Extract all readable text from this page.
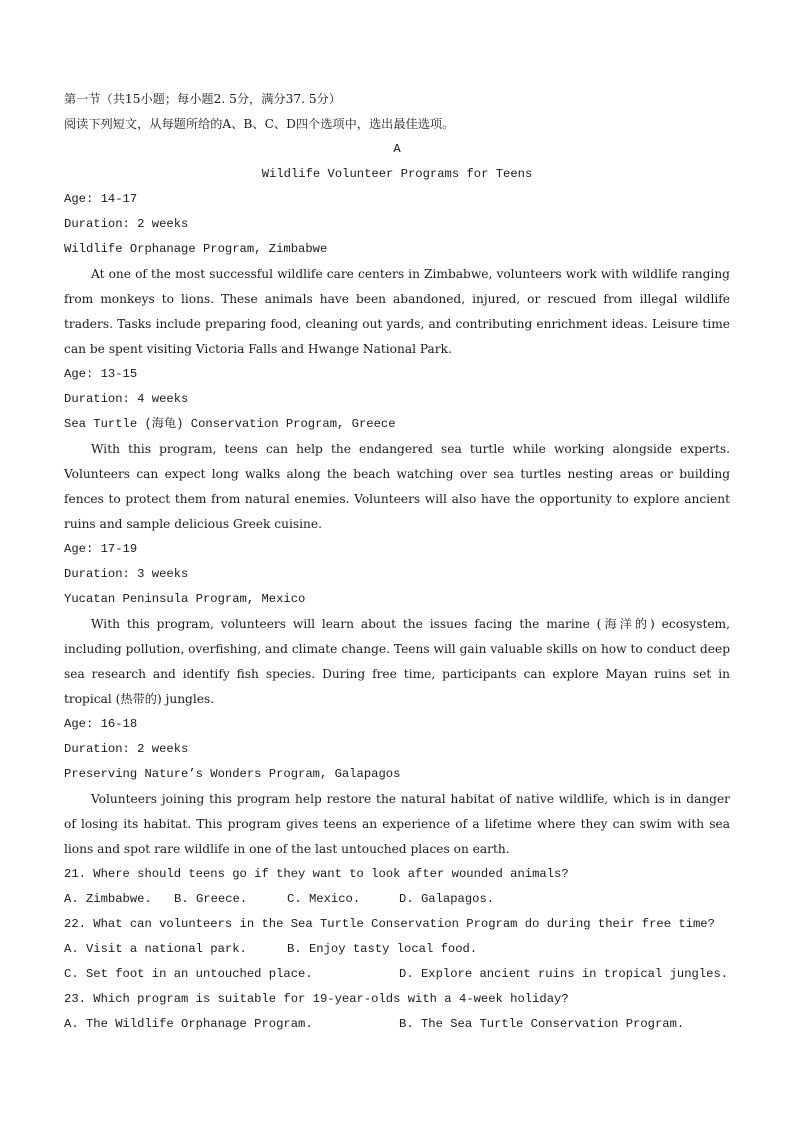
第一节（共15小题；每小题2. 5分，满分37. 5分）
阅读下列短文，从每题所给的A、B、C、D四个选项中，选出最佳选项。
A
Wildlife Volunteer Programs for Teens
Age: 14-17
Duration: 2 weeks
Wildlife Orphanage Program, Zimbabwe
At one of the most successful wildlife care centers in Zimbabwe, volunteers work with wildlife ranging from monkeys to lions. These animals have been abandoned, injured, or rescued from illegal wildlife traders. Tasks include preparing food, cleaning out yards, and contributing enrichment ideas. Leisure time can be spent visiting Victoria Falls and Hwange National Park.
Age: 13-15
Duration: 4 weeks
Sea Turtle (海龟) Conservation Program, Greece
With this program, teens can help the endangered sea turtle while working alongside experts. Volunteers can expect long walks along the beach watching over sea turtles nesting areas or building fences to protect them from natural enemies. Volunteers will also have the opportunity to explore ancient ruins and sample delicious Greek cuisine.
Age: 17-19
Duration: 3 weeks
Yucatan Peninsula Program, Mexico
With this program, volunteers will learn about the issues facing the marine (海洋的) ecosystem, including pollution, overfishing, and climate change. Teens will gain valuable skills on how to conduct deep sea research and identify fish species. During free time, participants can explore Mayan ruins set in tropical (热带的) jungles.
Age: 16-18
Duration: 2 weeks
Preserving Nature’s Wonders Program, Galapagos
Volunteers joining this program help restore the natural habitat of native wildlife, which is in danger of losing its habitat. This program gives teens an experience of a lifetime where they can swim with sea lions and spot rare wildlife in one of the last untouched places on earth.
21. Where should teens go if they want to look after wounded animals?
A. Zimbabwe.	B. Greece.	C. Mexico.	D. Galapagos.
22. What can volunteers in the Sea Turtle Conservation Program do during their free time?
A. Visit a national park.	B. Enjoy tasty local food.
C. Set foot in an untouched place.	D. Explore ancient ruins in tropical jungles.
23. Which program is suitable for 19-year-olds with a 4-week holiday?
A. The Wildlife Orphanage Program.	B. The Sea Turtle Conservation Program.
